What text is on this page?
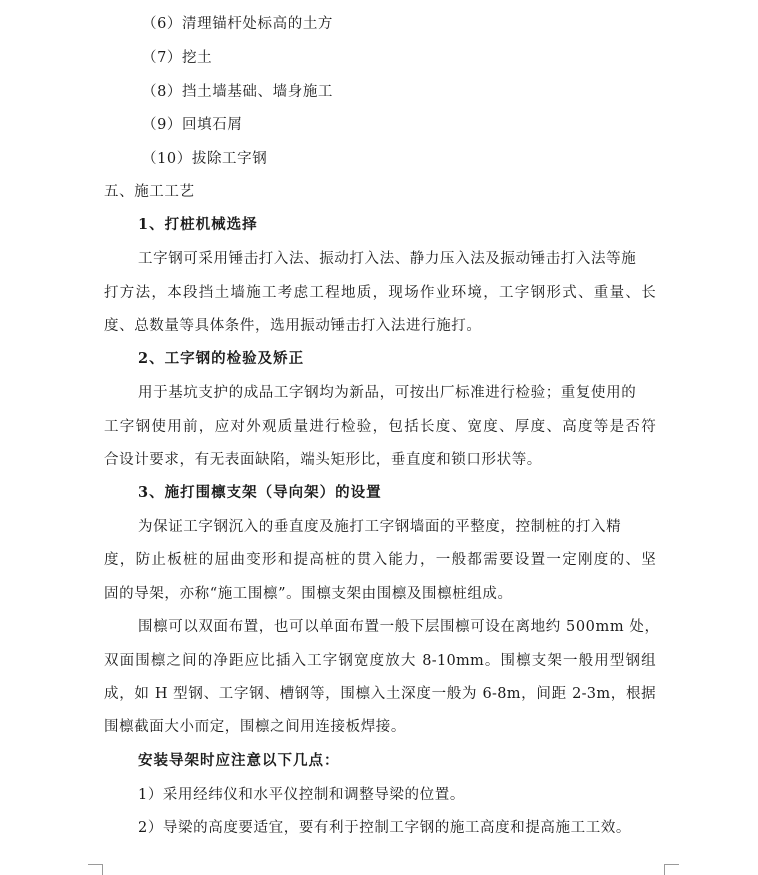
（6）清理锚杆处标高的土方
（7）挖土
（8）挡土墙基础、墙身施工
（9）回填石屑
（10）拔除工字钢
五、施工工艺
1、打桩机械选择
工字钢可采用锤击打入法、振动打入法、静力压入法及振动锤击打入法等施
打方法，本段挡土墙施工考虑工程地质，现场作业环境，工字钢形式、重量、长
度、总数量等具体条件，选用振动锤击打入法进行施打。
2、工字钢的检验及矫正
用于基坑支护的成品工字钢均为新品，可按出厂标准进行检验；重复使用的
工字钢使用前，应对外观质量进行检验，包括长度、宽度、厚度、高度等是否符
合设计要求，有无表面缺陷，端头矩形比，垂直度和锁口形状等。
3、施打围檩支架（导向架）的设置
为保证工字钢沉入的垂直度及施打工字钢墙面的平整度，控制桩的打入精
度，防止板桩的屈曲变形和提高桩的贯入能力，一般都需要设置一定刚度的、坚
固的导架，亦称“施工围檩”。围檩支架由围檩及围檩桩组成。
围檩可以双面布置，也可以单面布置一般下层围檩可设在离地约 500mm 处，
双面围檩之间的净距应比插入工字钢宽度放大 8-10mm。围檩支架一般用型钢组
成，如 H 型钢、工字钢、槽钢等，围檩入土深度一般为 6-8m，间距 2-3m，根据
围檩截面大小而定，围檩之间用连接板焊接。
安装导架时应注意以下几点：
1）采用经纬仪和水平仪控制和调整导梁的位置。
2）导梁的高度要适宜，要有利于控制工字钢的施工高度和提高施工工效。
